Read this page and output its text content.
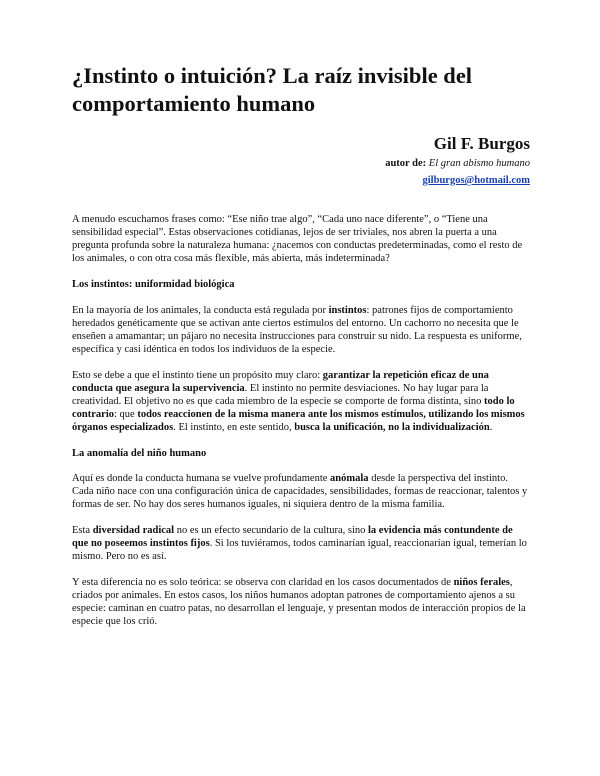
¿Instinto o intuición? La raíz invisible del comportamiento humano
Gil F. Burgos
autor de: El gran abismo humano
gilburgos@hotmail.com

A menudo escuchamos frases como: “Ese niño trae algo”, “Cada uno nace diferente”, o “Tiene una sensibilidad especial”. Estas observaciones cotidianas, lejos de ser triviales, nos abren la puerta a una pregunta profunda sobre la naturaleza humana: ¿nacemos con conductas predeterminadas, como el resto de los animales, o con otra cosa más flexible, más abierta, más indeterminada?

Los instintos: uniformidad biológica

En la mayoría de los animales, la conducta está regulada por instintos: patrones fijos de comportamiento heredados genéticamente que se activan ante ciertos estímulos del entorno. Un cachorro no necesita que le enseñen a amamantar; un pájaro no necesita instrucciones para construir su nido. La respuesta es uniforme, específica y casi idéntica en todos los individuos de la especie.

Esto se debe a que el instinto tiene un propósito muy claro: garantizar la repetición eficaz de una conducta que asegura la supervivencia. El instinto no permite desviaciones. No hay lugar para la creatividad. El objetivo no es que cada miembro de la especie se comporte de forma distinta, sino todo lo contrario: que todos reaccionen de la misma manera ante los mismos estímulos, utilizando los mismos órganos especializados. El instinto, en este sentido, busca la unificación, no la individualización.

La anomalía del niño humano

Aquí es donde la conducta humana se vuelve profundamente anómala desde la perspectiva del instinto. Cada niño nace con una configuración única de capacidades, sensibilidades, formas de reaccionar, talentos y formas de ser. No hay dos seres humanos iguales, ni siquiera dentro de la misma familia.

Esta diversidad radical no es un efecto secundario de la cultura, sino la evidencia más contundente de que no poseemos instintos fijos. Si los tuviéramos, todos caminarían igual, reaccionarían igual, temerían lo mismo. Pero no es así.

Y esta diferencia no es solo teórica: se observa con claridad en los casos documentados de niños ferales, criados por animales. En estos casos, los niños humanos adoptan patrones de comportamiento ajenos a su especie: caminan en cuatro patas, no desarrollan el lenguaje, y presentan modos de interacción propios de la especie que los crió.
